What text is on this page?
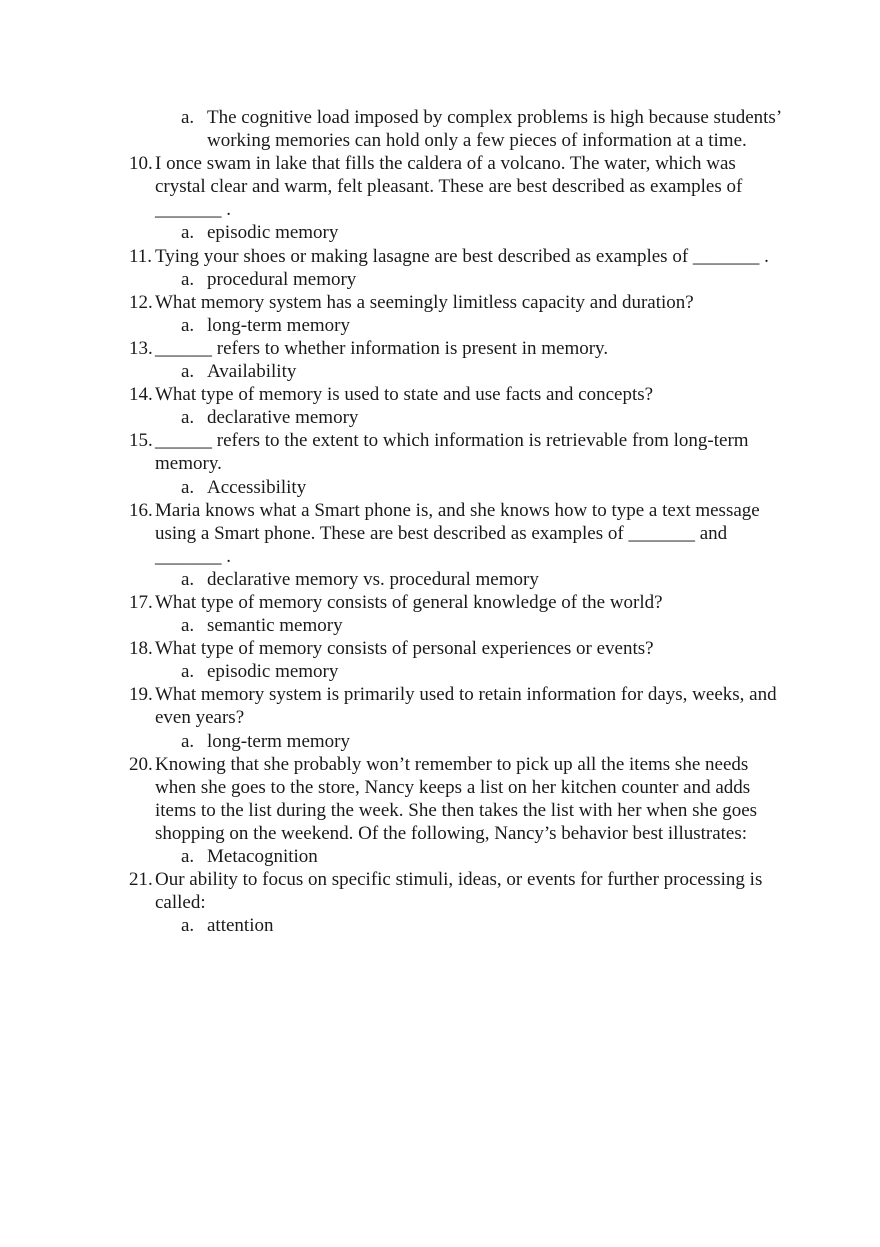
a. The cognitive load imposed by complex problems is high because students’ working memories can hold only a few pieces of information at a time.
10. I once swam in lake that fills the caldera of a volcano. The water, which was crystal clear and warm, felt pleasant. These are best described as examples of _______ .
a. episodic memory
11. Tying your shoes or making lasagne are best described as examples of _______ .
a. procedural memory
12. What memory system has a seemingly limitless capacity and duration?
a. long-term memory
13. ______ refers to whether information is present in memory.
a. Availability
14. What type of memory is used to state and use facts and concepts?
a. declarative memory
15. ______ refers to the extent to which information is retrievable from long-term memory.
a. Accessibility
16. Maria knows what a Smart phone is, and she knows how to type a text message using a Smart phone. These are best described as examples of _______ and _______ .
a. declarative memory vs. procedural memory
17. What type of memory consists of general knowledge of the world?
a. semantic memory
18. What type of memory consists of personal experiences or events?
a. episodic memory
19. What memory system is primarily used to retain information for days, weeks, and even years?
a. long-term memory
20. Knowing that she probably won’t remember to pick up all the items she needs when she goes to the store, Nancy keeps a list on her kitchen counter and adds items to the list during the week. She then takes the list with her when she goes shopping on the weekend. Of the following, Nancy’s behavior best illustrates:
a. Metacognition
21. Our ability to focus on specific stimuli, ideas, or events for further processing is called:
a. attention
